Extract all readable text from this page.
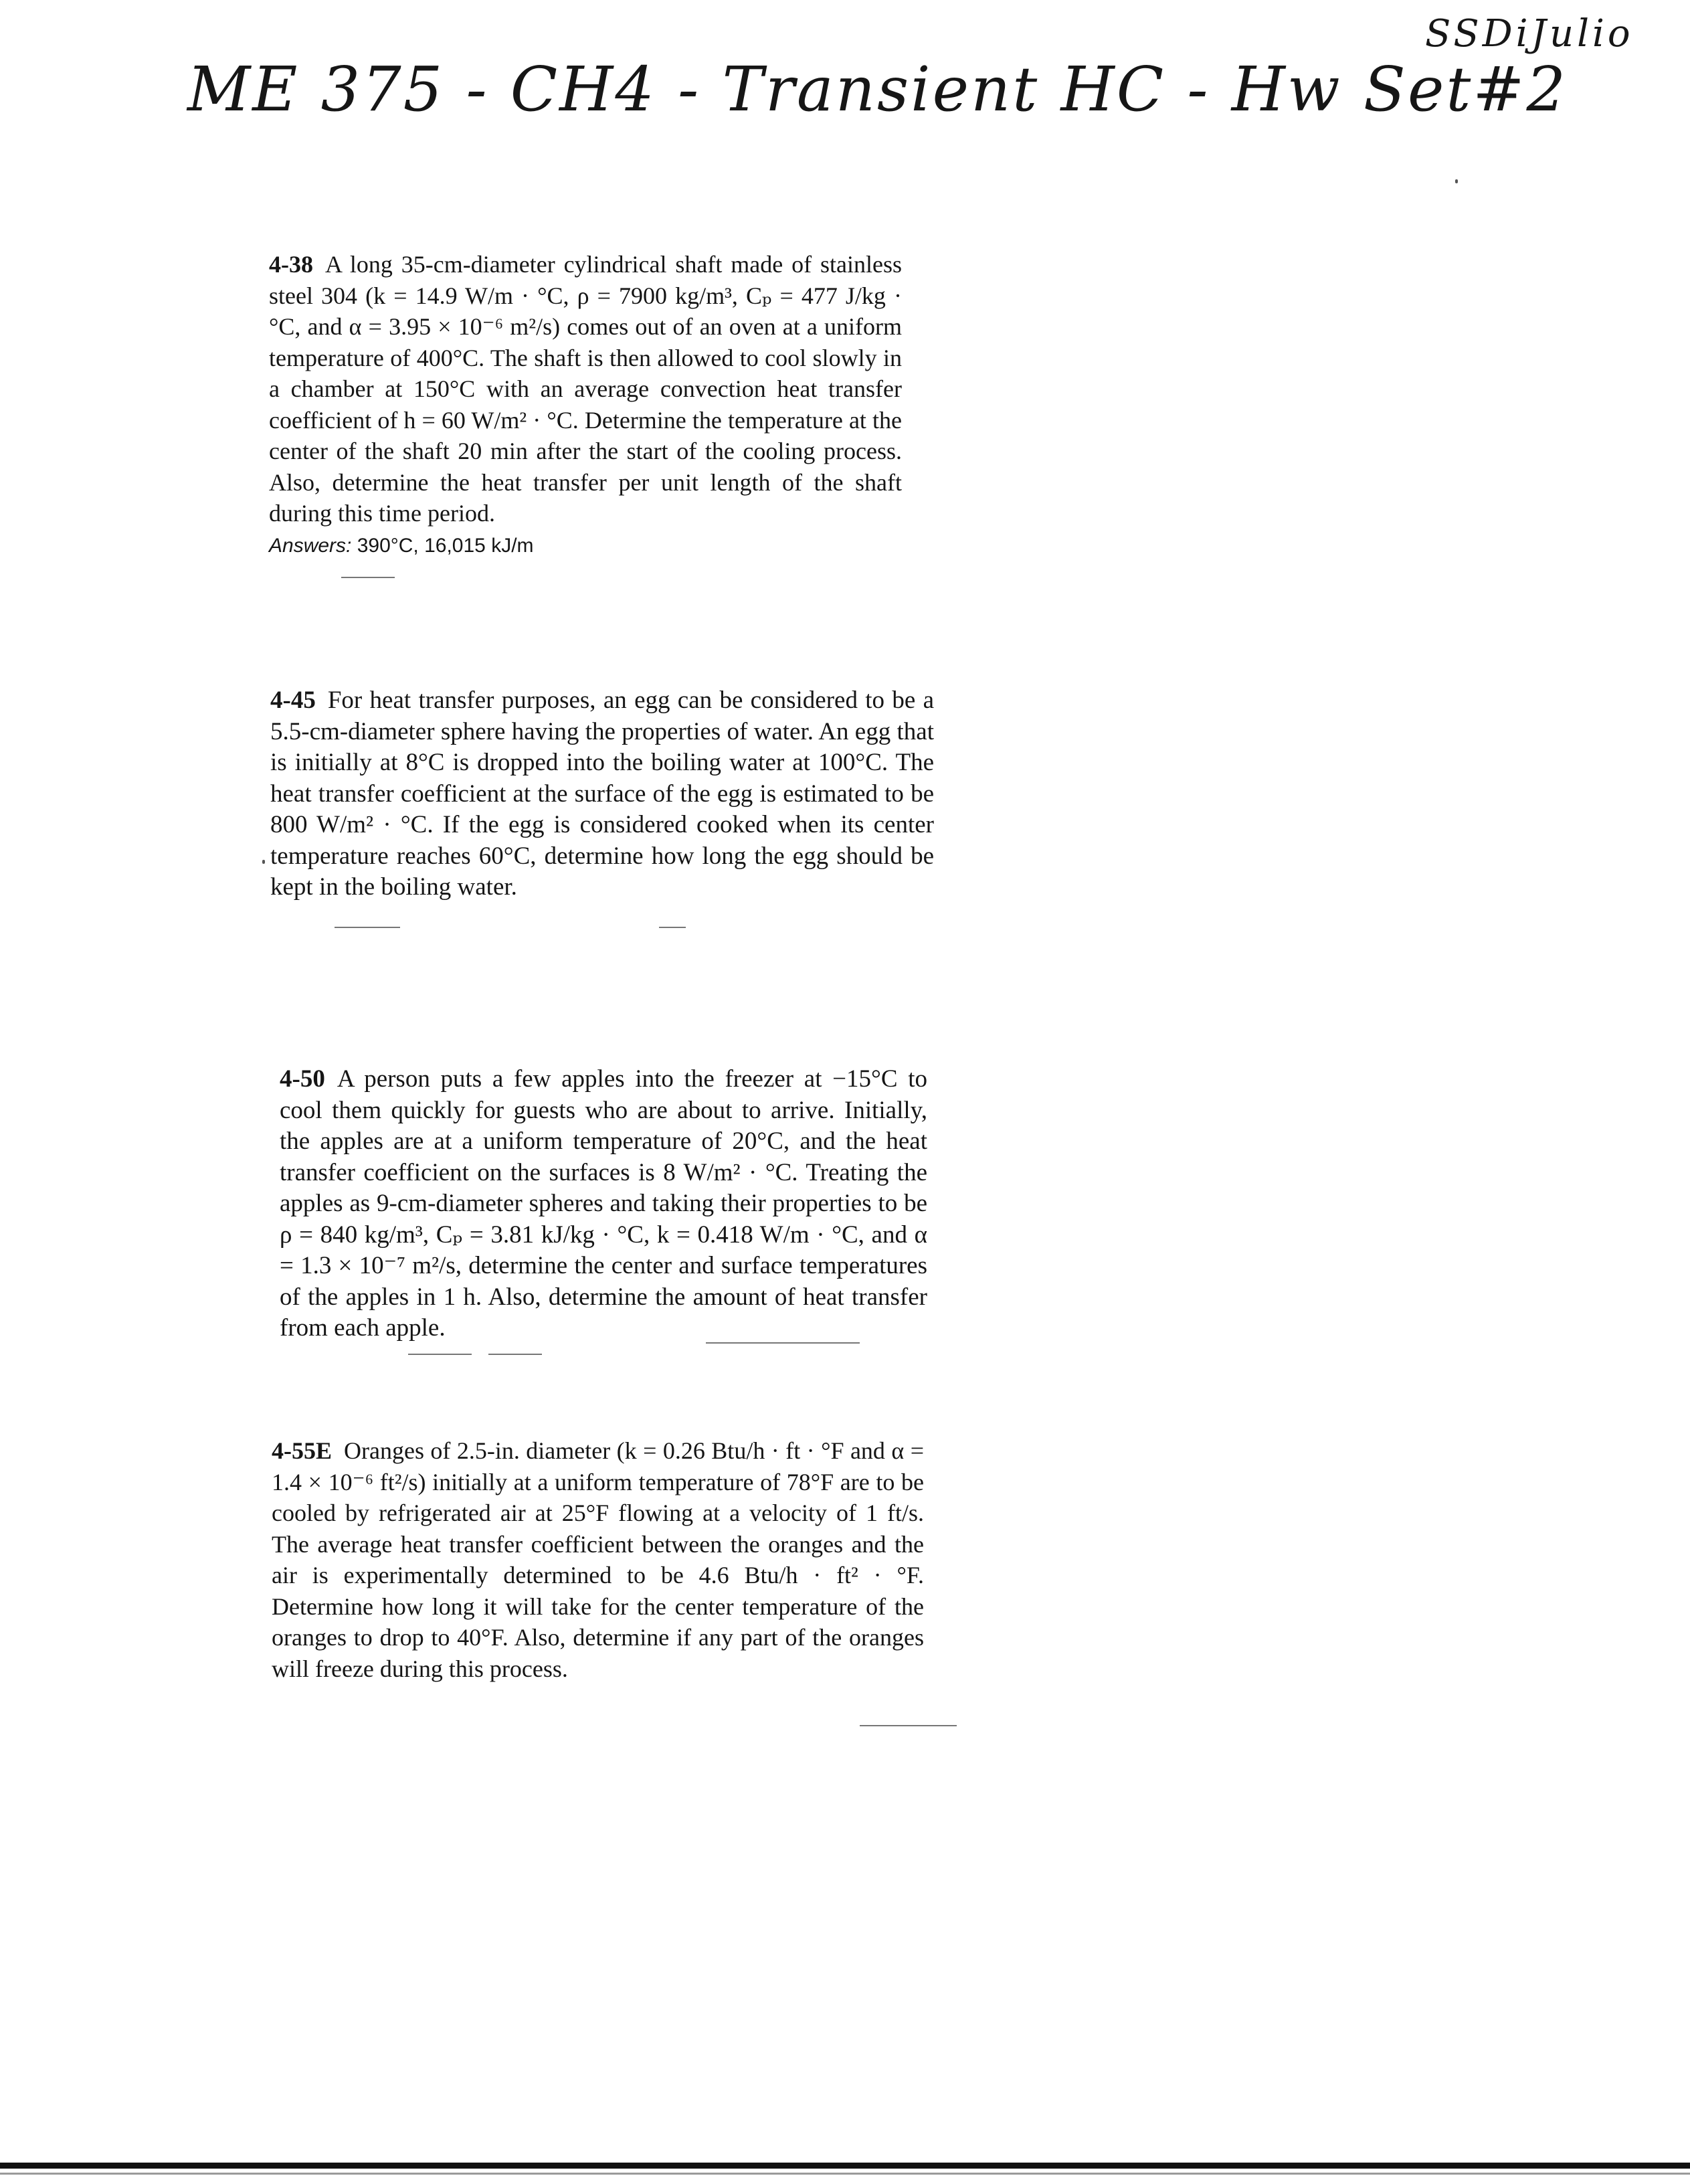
SSDiJulio
ME 375 - CH4 - Transient HC - Hw Set#2
4-38 A long 35-cm-diameter cylindrical shaft made of stainless steel 304 (k = 14.9 W/m · °C, ρ = 7900 kg/m³, Cₚ = 477 J/kg · °C, and α = 3.95 × 10⁻⁶ m²/s) comes out of an oven at a uniform temperature of 400°C. The shaft is then allowed to cool slowly in a chamber at 150°C with an average convection heat transfer coefficient of h = 60 W/m² · °C. Determine the temperature at the center of the shaft 20 min after the start of the cooling process. Also, determine the heat transfer per unit length of the shaft during this time period.
Answers: 390°C, 16,015 kJ/m
4-45 For heat transfer purposes, an egg can be considered to be a 5.5-cm-diameter sphere having the properties of water. An egg that is initially at 8°C is dropped into the boiling water at 100°C. The heat transfer coefficient at the surface of the egg is estimated to be 800 W/m² · °C. If the egg is considered cooked when its center temperature reaches 60°C, determine how long the egg should be kept in the boiling water.
4-50 A person puts a few apples into the freezer at −15°C to cool them quickly for guests who are about to arrive. Initially, the apples are at a uniform temperature of 20°C, and the heat transfer coefficient on the surfaces is 8 W/m² · °C. Treating the apples as 9-cm-diameter spheres and taking their properties to be ρ = 840 kg/m³, Cₚ = 3.81 kJ/kg · °C, k = 0.418 W/m · °C, and α = 1.3 × 10⁻⁷ m²/s, determine the center and surface temperatures of the apples in 1 h. Also, determine the amount of heat transfer from each apple.
4-55E Oranges of 2.5-in. diameter (k = 0.26 Btu/h · ft · °F and α = 1.4 × 10⁻⁶ ft²/s) initially at a uniform temperature of 78°F are to be cooled by refrigerated air at 25°F flowing at a velocity of 1 ft/s. The average heat transfer coefficient between the oranges and the air is experimentally determined to be 4.6 Btu/h · ft² · °F. Determine how long it will take for the center temperature of the oranges to drop to 40°F. Also, determine if any part of the oranges will freeze during this process.
